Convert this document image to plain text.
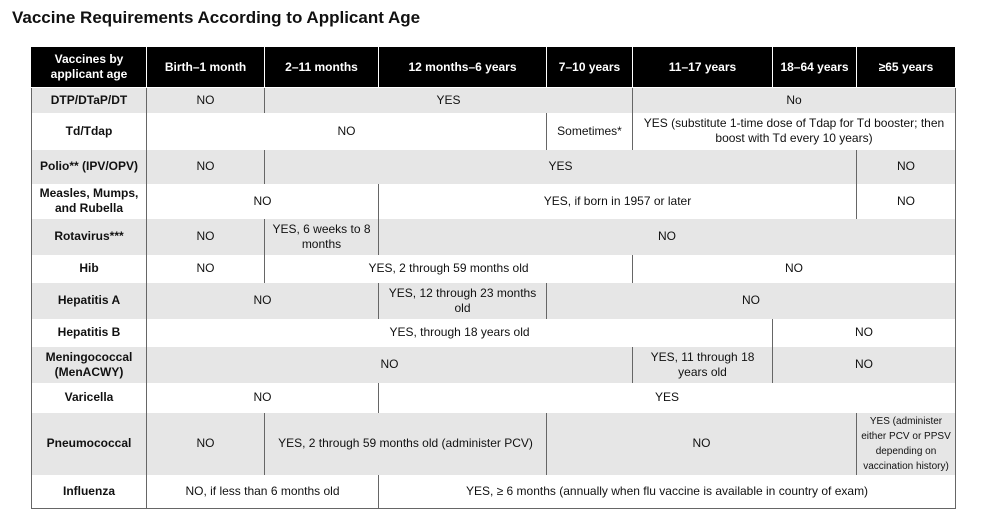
Vaccine Requirements According to Applicant Age
Vaccines by applicant age	Birth–1 month	2–11 months	12 months–6 years	7–10 years	11–17 years	18–64 years	≥65 years
DTP/DTaP/DT	NO	YES			No		
Td/Tdap	NO			Sometimes*	YES (substitute 1-time dose of Tdap for Td booster; then boost with Td every 10 years)		
Polio** (IPV/OPV)	NO	YES					NO
Measles, Mumps, and Rubella	NO		YES, if born in 1957 or later				NO
Rotavirus***	NO	YES, 6 weeks to 8 months	NO				
Hib	NO	YES, 2 through 59 months old			NO		
Hepatitis A	NO		YES, 12 through 23 months old	NO			
Hepatitis B	YES, through 18 years old					NO	
Meningococcal (MenACWY)	NO				YES, 11 through 18 years old	NO	
Varicella	NO		YES				
Pneumococcal	NO	YES, 2 through 59 months old (administer PCV)		NO			YES (administer either PCV or PPSV depending on vaccination history)
Influenza	NO, if less than 6 months old		YES, ≥ 6 months (annually when flu vaccine is available in country of exam)				
